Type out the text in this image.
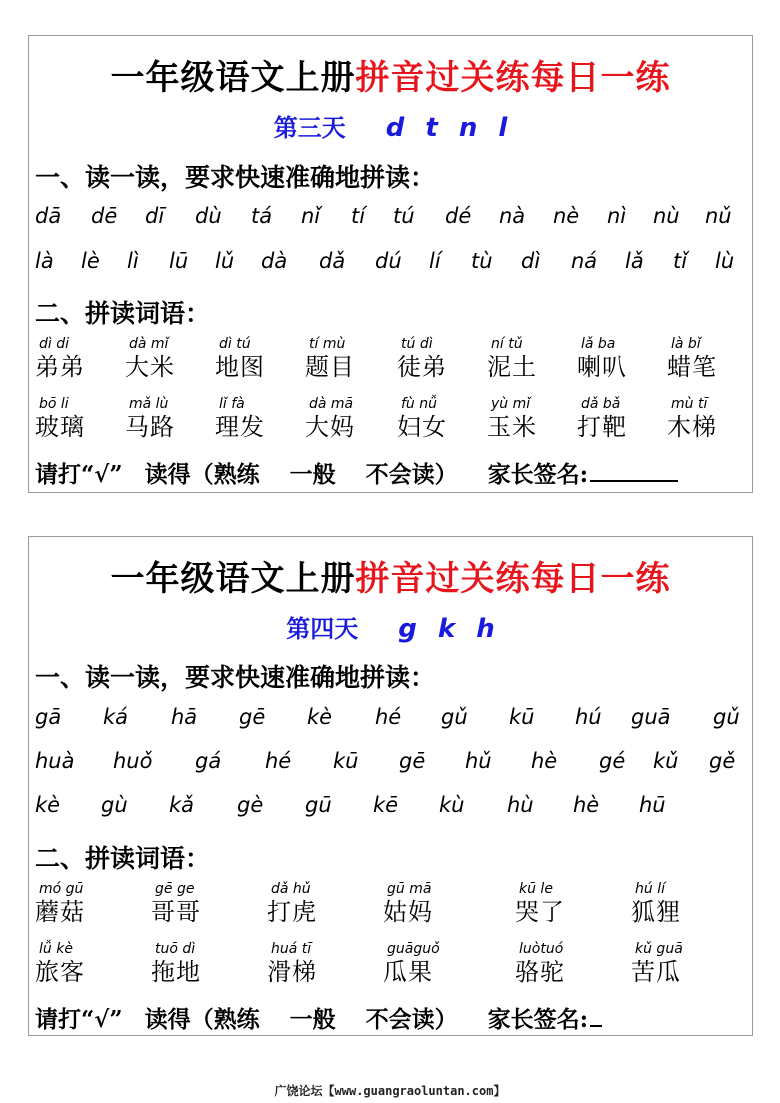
一年级语文上册拼音过关练每日一练
第三天 d t n l
一、读一读，要求快速准确地拼读：
dā dē dī dù tá nǐ tí tú dé nà nè nì nù nǔ
là lè lì lū lǔ dà dǎ dú lí tù dì ná lǎ tǐ lù
二、拼读词语：
dì di
弟弟
dà mǐ
大米
dì tú
地图
tí mù
题目
tú dì
徒弟
ní tǔ
泥土
lǎ ba
喇叭
là bǐ
蜡笔
bō li
玻璃
mǎ lù
马路
lǐ fà
理发
dà mā
大妈
fù nǚ
妇女
yù mǐ
玉米
dǎ bǎ
打靶
mù tī
木梯
请打“√” 读得（熟练 一般 不会读） 家长签名:
一年级语文上册拼音过关练每日一练
第四天 g k h
一、读一读，要求快速准确地拼读：
gā ká hā gē kè hé gǔ kū hú guā gǔ
huà huǒ gá hé kū gē hǔ hè gé kǔ gě
kè gù kǎ gè gū kē kù hù hè hū
二、拼读词语：
mó gū
蘑菇
gē ge
哥哥
dǎ hǔ
打虎
gū mā
姑妈
kū le
哭了
hú lí
狐狸
lǚ kè
旅客
tuō dì
拖地
huá tī
滑梯
guāguǒ
瓜果
luòtuó
骆驼
kǔ guā
苦瓜
请打“√” 读得（熟练 一般 不会读） 家长签名:
广饶论坛【www.guangraoluntan.com】
